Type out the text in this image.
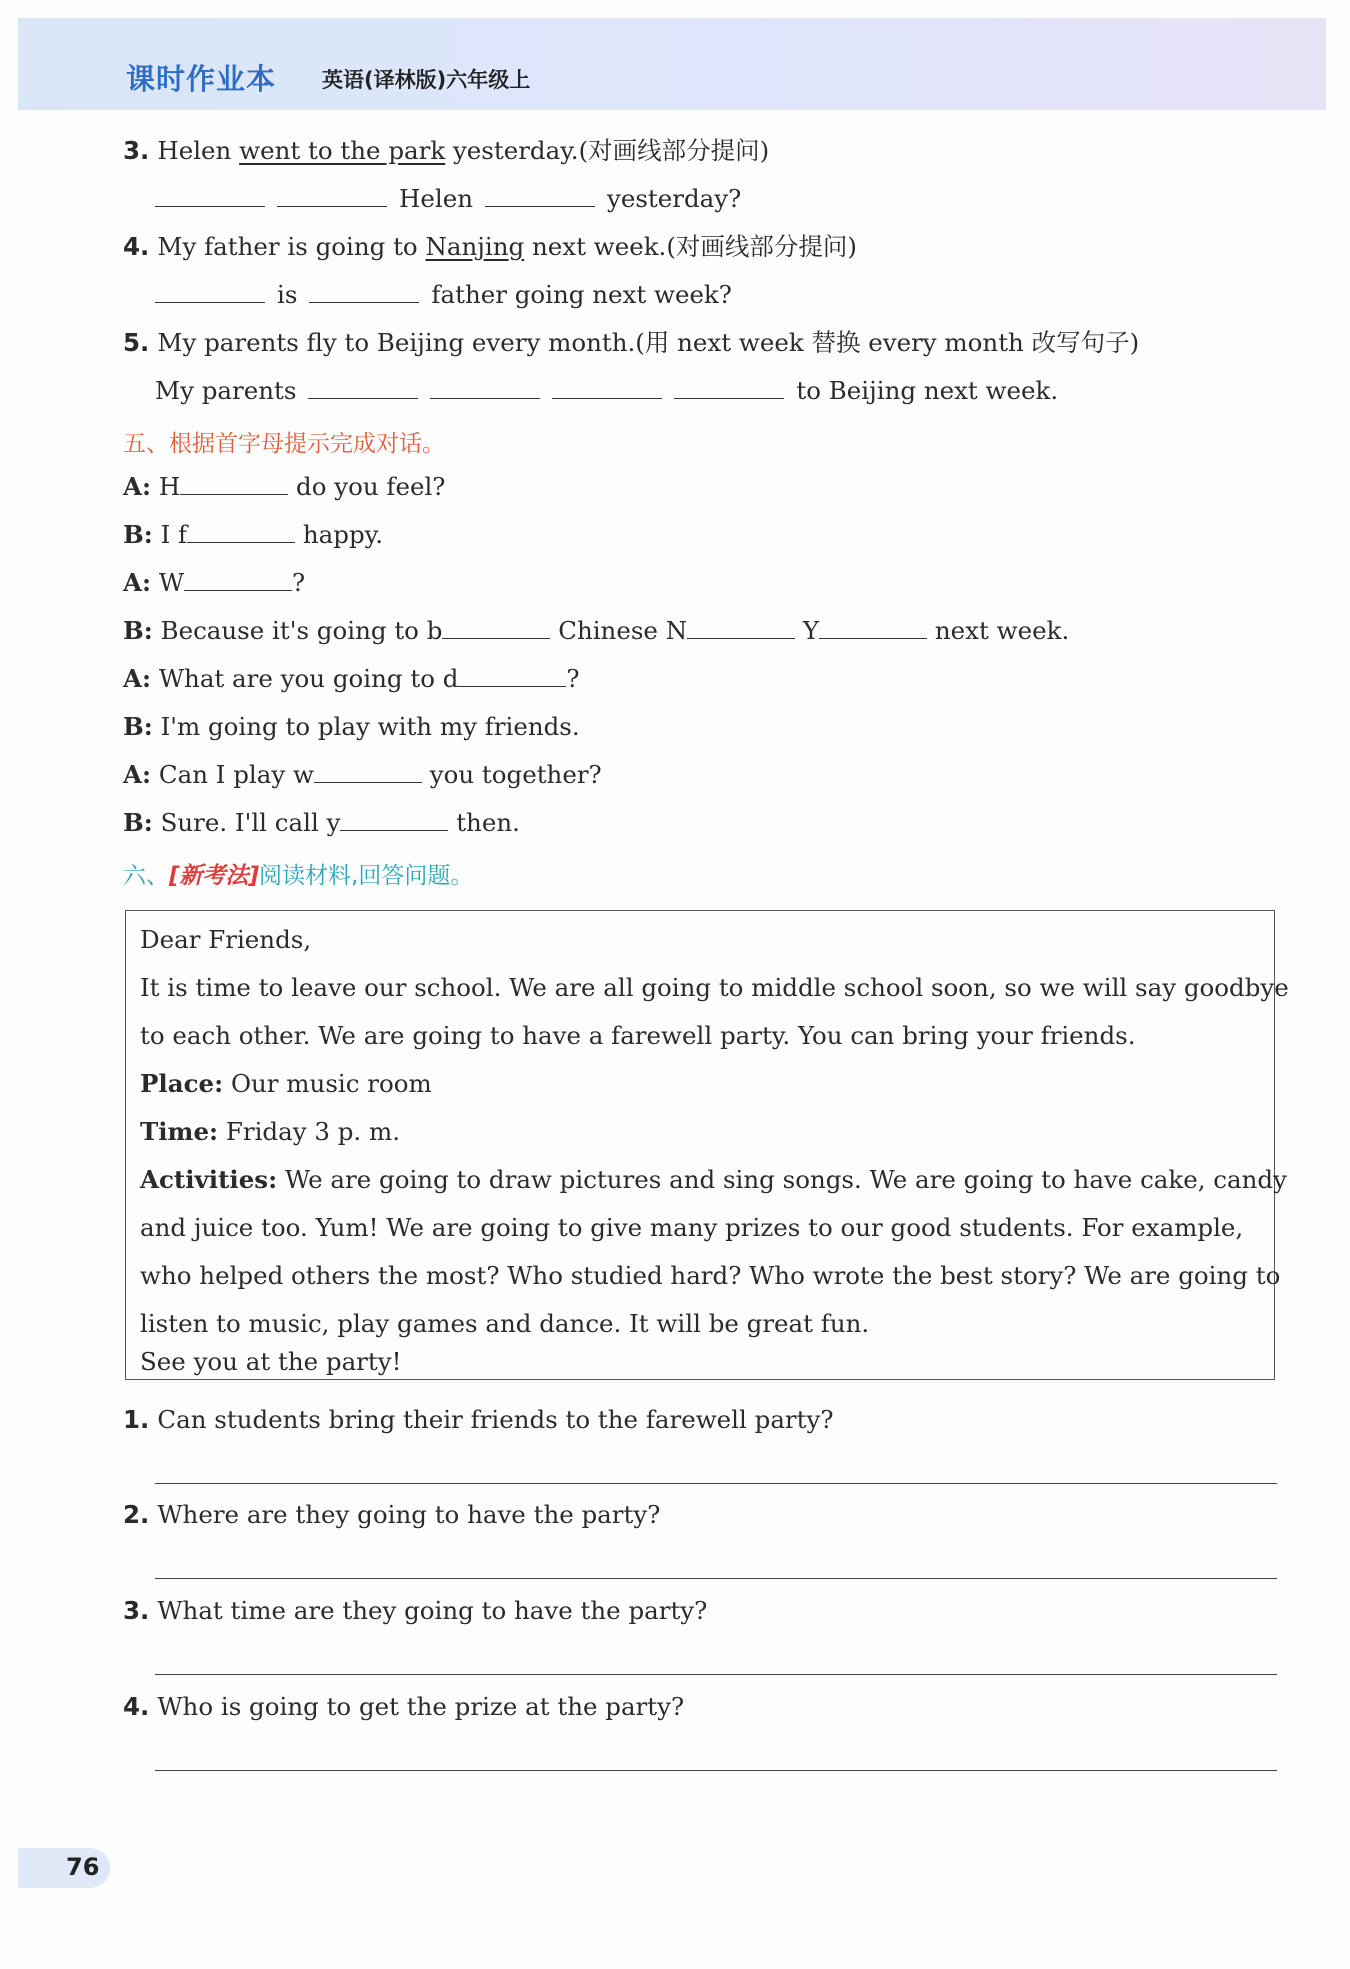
课时作业本 英语(译林版)六年级上
3. Helen went to the park yesterday.(对画线部分提问)
Helen	yesterday?
4. My father is going to Nanjing next week.(对画线部分提问)
is	father going next week?
5. My parents fly to Beijing every month.(用 next week 替换 every month 改写句子)
My parents	to Beijing next week.
五、根据首字母提示完成对话。
A: H	do you feel?
B: I f	happy.
A: W	?
B: Because it's going to b	Chinese N	Y	next week.
A: What are you going to d	?
B: I'm going to play with my friends.
A: Can I play w	you together?
B: Sure. I'll call y	then.
六、[新考法]阅读材料,回答问题。
Dear Friends,
It is time to leave our school. We are all going to middle school soon, so we will say goodbye
to each other. We are going to have a farewell party. You can bring your friends.
Place: Our music room
Time: Friday 3 p. m.
Activities: We are going to draw pictures and sing songs. We are going to have cake, candy
and juice too. Yum! We are going to give many prizes to our good students. For example,
who helped others the most? Who studied hard? Who wrote the best story? We are going to
listen to music, play games and dance. It will be great fun.
See you at the party!
1. Can students bring their friends to the farewell party?
2. Where are they going to have the party?
3. What time are they going to have the party?
4. Who is going to get the prize at the party?
76
